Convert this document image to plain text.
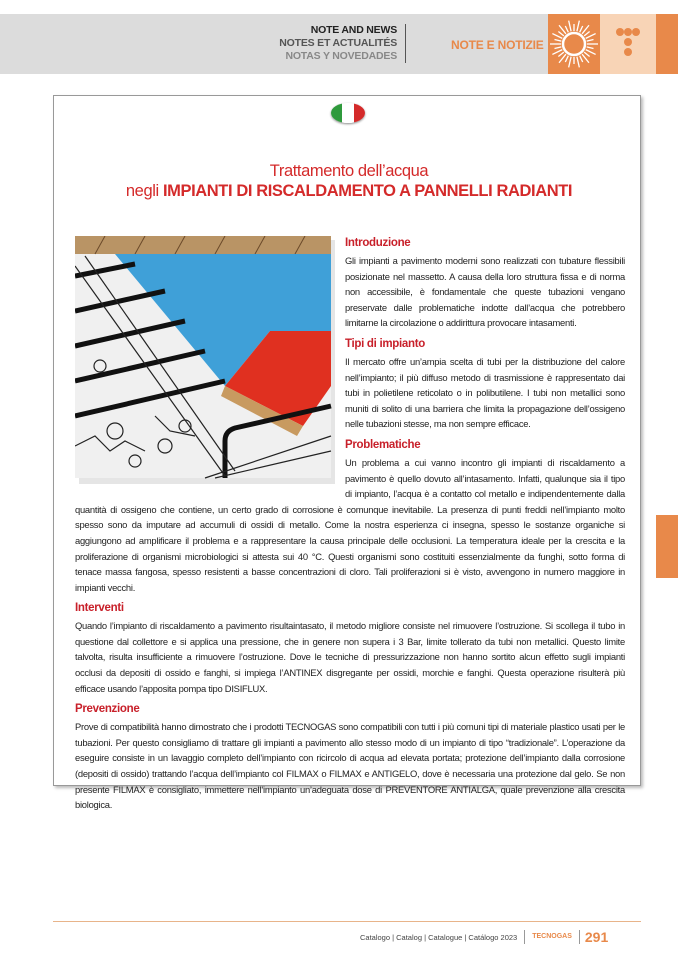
NOTE AND NEWS
NOTES ET ACTUALITÉS
NOTAS Y NOVEDADES
NOTE E NOTIZIE
Trattamento dell’acqua
negli IMPIANTI DI RISCALDAMENTO A PANNELLI RADIANTI
Introduzione

Gli impianti a pavimento moderni sono realizzati con tubature flessibili posizionate nel massetto. A causa della loro struttura fissa e di norma non accessibile, è fondamentale che queste tubazioni vengano preservate dalle problematiche indotte dall’acqua che potrebbero limitarne la circolazione o addirittura provocare intasamenti.

Tipi di impianto

Il mercato offre un’ampia scelta di tubi per la distribuzione del calore nell’impianto; il più diffuso metodo di trasmissione è rappresentato dai tubi in polietilene reticolato o in polibutilene. I tubi non metallici sono muniti di solito di una barriera che limita la propagazione dell’ossigeno nelle tubazioni stesse, ma non sempre efficace.

Problematiche

Un problema a cui vanno incontro gli impianti di riscaldamento a pavimento è quello dovuto all’intasamento. Infatti, qualunque sia il tipo di impianto, l’acqua è a contatto col metallo e indipendentemente dalla quantità di ossigeno che contiene, un certo grado di corrosione è comunque inevitabile. La presenza di punti freddi nell’impianto molto spesso sono da imputare ad accumuli di ossidi di metallo. Come la nostra esperienza ci insegna, spesso le sostanze organiche si aggiungono ad amplificare il problema e a rappresentare la causa principale delle occlusioni. La temperatura ideale per la crescita e la proliferazione di organismi microbiologici si attesta sui 40 °C. Questi organismi sono costituiti essenzialmente da funghi, sotto forma di tenace massa fangosa, spesso resistenti a basse concentrazioni di cloro. Tali proliferazioni si è visto, avvengono in numero maggiore in impianti vecchi.

Interventi

Quando l’impianto di riscaldamento a pavimento risultaintasato, il metodo migliore consiste nel rimuovere l’ostruzione. Si scollega il tubo in questione dal collettore e si applica una pressione, che in genere non supera i 3 Bar, limite tollerato da tubi non metallici. Questo limite talvolta, risulta insufficiente a rimuovere l’ostruzione. Dove le tecniche di pressurizzazione non hanno sortito alcun effetto sugli impianti occlusi da depositi di ossido e fanghi, si impiega l’ANTINEX disgregante per ossidi, morchie e fanghi. Questa operazione risulterà più efficace usando l’apposita pompa tipo DISIFLUX.

Prevenzione

Prove di compatibilità hanno dimostrato che i prodotti TECNOGAS sono compatibili con tutti i più comuni tipi di materiale plastico usati per le tubazioni. Per questo consigliamo di trattare gli impianti a pavimento allo stesso modo di un impianto di tipo “tradizionale”. L’operazione da eseguire consiste in un lavaggio completo dell’impianto con ricircolo di acqua ad elevata portata; protezione dell’impianto dalla corrosione (depositi di ossido) trattando l’acqua dell’impianto col FILMAX o FILMAX e ANTIGELO, dove è necessaria una protezione dal gelo. Se non presente FILMAX è consigliato, immettere nell’impianto un’adeguata dose di PREVENTORE ANTIALGA, quale prevenzione alla crescita biologica.

Catalogo | Catalog | Catalogue | Catálogo 2023	TECNOGAS 291
